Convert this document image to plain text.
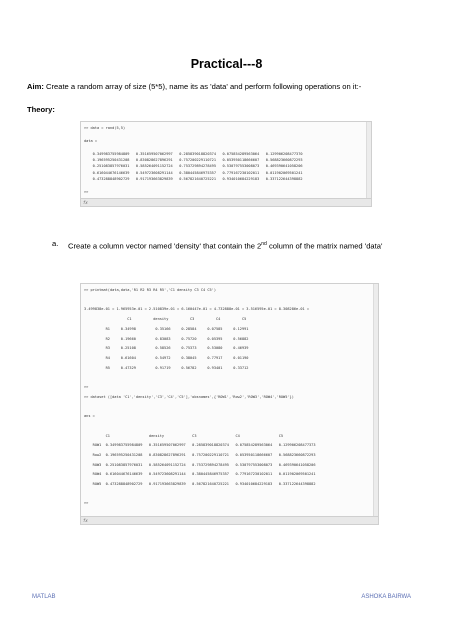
Practical---8
Aim: Create a random array of size (5*5), name its as 'data' and perform following operations on it:-
Theory:
fx
>> data = rand(5,5)
data =
0.349983755984809   0.351659507062997   0.285839018820374   0.075854289563064   0.129906208477370
0.196595250431208   0.830828627896291   0.757200229110721   0.053950118666607   0.568823660872293
0.251083857976031   0.585264091152724   0.753729894278495   0.530797553008073   0.469390641058206
0.616044676146639   0.549723608291144   0.380445846975357   0.779167230102011   0.011902069501241
0.473288848902729   0.917193663829839   0.567821640725221   0.934010684229183   0.337122644398882
>>
a. Create a column vector named 'density' that contain the 2nd column of the matrix named 'data'
fx
>> printmat(data,data,'R1 R2 R3 R4 R5','C1 density C3 C4 C5')
3.499838e-01 = 1.965953e-01 = 2.510839e-01 = 6.160447e-01 = 4.732888e-01 = 3.516595e-01 = 8.308286e-01 =
C1          density          C3          C4          C5
R1     0.34998         0.35166     0.28584     0.07585     0.12991
R2     0.19660         0.83083     0.75720     0.05395     0.56882
R3     0.25108         0.58526     0.75373     0.53080     0.46939
R4     0.61604         0.54972     0.38045     0.77917     0.01190
R5     0.47329         0.91719     0.56782     0.93401     0.33712
>>
>> dataset ([data 'C1','density','C3','C4','C5'],'obsnames',{'ROW1','Row2','ROW3','ROW4','ROW5'})
ans =
C1                  density             C3                  C4                  C5
ROW1  0.349983755984809   0.351659507062997   0.285839018820374   0.075854289563064   0.129906208477373
Row2  0.196595250431208   0.830828627896291   0.757200229110721   0.053950118666607   0.568823660872293
ROW3  0.251083857976031   0.585264091152724   0.753729894278495   0.530797553008073   0.469390641058206
ROW4  0.616044676146639   0.549723608291144   0.380445846975357   0.779167230102011   0.011902069501241
ROW5  0.473288848902729   0.917193663829839   0.567821640725221   0.934010684229183   0.337122644398882
>>
MATLAB	ASHOKA BAIRWA
